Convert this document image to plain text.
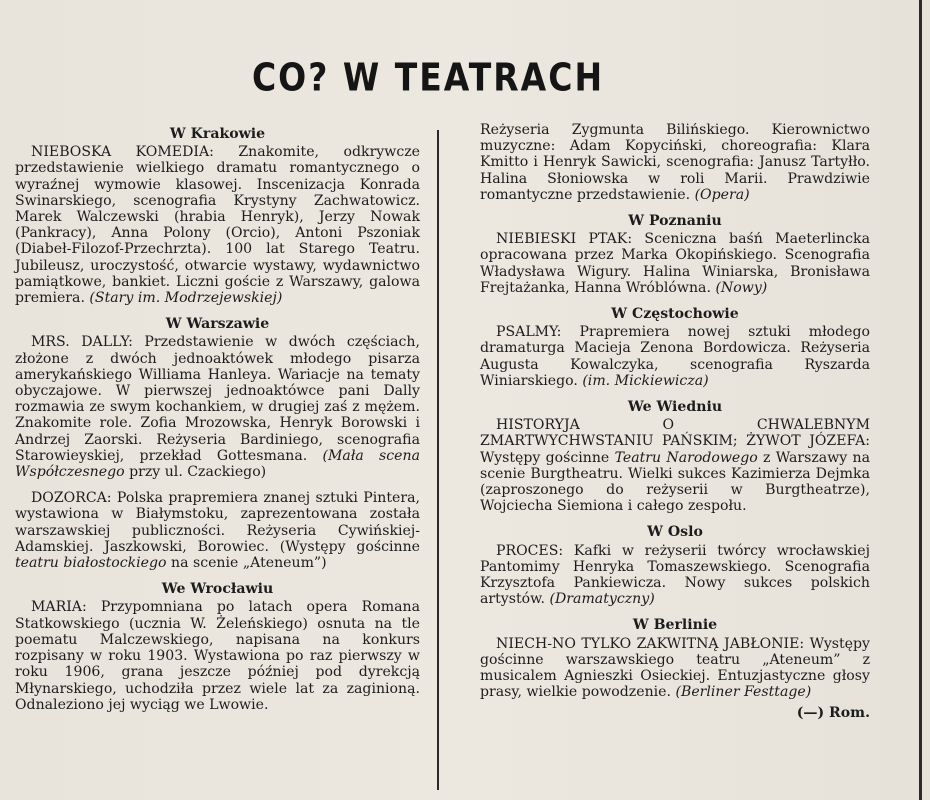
CO? W TEATRACH
W Krakowie

NIEBOSKA KOMEDIA: Znakomite, odkrywcze przedstawienie wielkiego dramatu romantycznego o wyraźnej wymowie klasowej. Inscenizacja Konrada Swinarskiego, scenografia Krystyny Zachwatowicz. Marek Walczewski (hrabia Henryk), Jerzy Nowak (Pankracy), Anna Polony (Orcio), Antoni Pszoniak (Diabeł-Filozof-Przechrzta). 100 lat Starego Teatru. Jubileusz, uroczystość, otwarcie wystawy, wydawnictwo pamiątkowe, bankiet. Liczni goście z Warszawy, galowa premiera. (Stary im. Modrzejewskiej)

W Warszawie

MRS. DALLY: Przedstawienie w dwóch częściach, złożone z dwóch jednoaktówek młodego pisarza amerykańskiego Williama Hanleya. Wariacje na tematy obyczajowe. W pierwszej jednoaktówce pani Dally rozmawia ze swym kochankiem, w drugiej zaś z mężem. Znakomite role. Zofia Mrozowska, Henryk Borowski i Andrzej Zaorski. Reżyseria Bardiniego, scenografia Starowieyskiej, przekład Gottesmana. (Mała scena Współczesnego przy ul. Czackiego)

DOZORCA: Polska prapremiera znanej sztuki Pintera, wystawiona w Białymstoku, zaprezentowana została warszawskiej publiczności. Reżyseria Cywińskiej-Adamskiej. Jaszkowski, Borowiec. (Występy gościnne teatru białostockiego na scenie „Ateneum”)

We Wrocławiu

MARIA: Przypomniana po latach opera Romana Statkowskiego (ucznia W. Żeleńskiego) osnuta na tle poematu Malczewskiego, napisana na konkurs rozpisany w roku 1903. Wystawiona po raz pierwszy w roku 1906, grana jeszcze później pod dyrekcją Młynarskiego, uchodziła przez wiele lat za zaginioną. Odnaleziono jej wyciąg we Lwowie.

Reżyseria Zygmunta Bilińskiego. Kierownictwo muzyczne: Adam Kopyciński, choreografia: Klara Kmitto i Henryk Sawicki, scenografia: Janusz Tartyłło. Halina Słoniowska w roli Marii. Prawdziwie romantyczne przedstawienie. (Opera)

W Poznaniu

NIEBIESKI PTAK: Sceniczna baśń Maeterlincka opracowana przez Marka Okopińskiego. Scenografia Władysława Wigury. Halina Winiarska, Bronisława Frejtażanka, Hanna Wróblówna. (Nowy)

W Częstochowie

PSALMY: Prapremiera nowej sztuki młodego dramaturga Macieja Zenona Bordowicza. Reżyseria Augusta Kowalczyka, scenografia Ryszarda Winiarskiego. (im. Mickiewicza)

We Wiedniu

HISTORYJA O CHWALEBNYM ZMARTWYCHWSTANIU PAŃSKIM; ŻYWOT JÓZEFA: Występy gościnne Teatru Narodowego z Warszawy na scenie Burgtheatru. Wielki sukces Kazimierza Dejmka (zaproszonego do reżyserii w Burgtheatrze), Wojciecha Siemiona i całego zespołu.

W Oslo

PROCES: Kafki w reżyserii twórcy wrocławskiej Pantomimy Henryka Tomaszewskiego. Scenografia Krzysztofa Pankiewicza. Nowy sukces polskich artystów. (Dramatyczny)

W Berlinie

NIECH-NO TYLKO ZAKWITNĄ JABŁONIE: Występy gościnne warszawskiego teatru „Ateneum” z musicalem Agnieszki Osieckiej. Entuzjastyczne głosy prasy, wielkie powodzenie. (Berliner Festtage)

(—) Rom.
